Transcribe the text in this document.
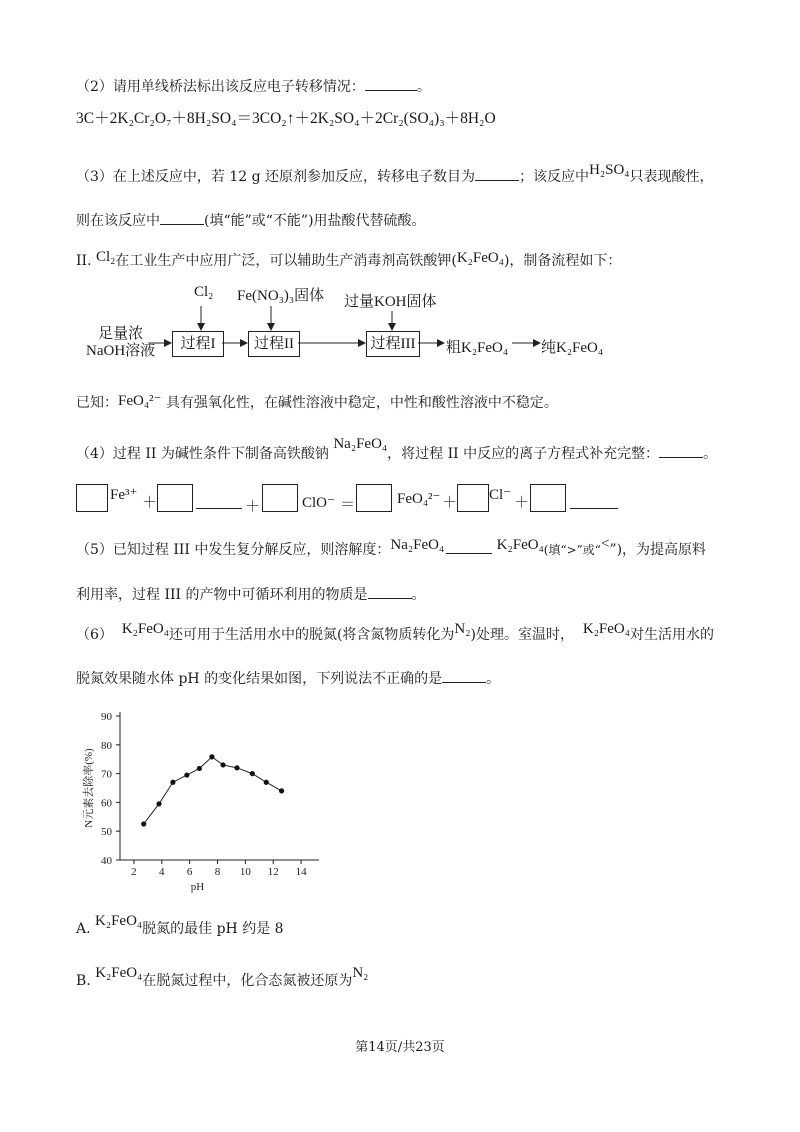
（2）请用单线桥法标出该反应电子转移情况：	。
3C＋2K₂Cr₂O₇＋8H₂SO₄＝3CO₂↑＋2K₂SO₄＋2Cr₂(SO₄)₃＋8H₂O
（3）在上述反应中，若 12 g 还原剂参加反应，转移电子数目为	；该反应中H₂SO₄只表现酸性，
则在该反应中	(填“能”或“不能”)用盐酸代替硫酸。
II. Cl₂在工业生产中应用广泛，可以辅助生产消毒剂高铁酸钾(K₂FeO₄)，制备流程如下：
足量浓
NaOH溶液	过程I	过程II	过程III
Cl₂ Fe(NO₃)₃固体 过量KOH固体
粗K₂FeO₄ 纯K₂FeO₄
已知：FeO₄²⁻ 具有强氧化性，在碱性溶液中稳定，中性和酸性溶液中不稳定。
（4）过程 II 为碱性条件下制备高铁酸钠 Na₂FeO₄，将过程 II 中反应的离子方程式补充完整：	。
Fe³⁺ ＋	＋	ClO⁻ ＝	FeO₄²⁻ ＋ Cl⁻ ＋
（5）已知过程 III 中发生复分解反应，则溶解度：Na₂FeO₄	K₂FeO₄(填“>”或“<”)，为提高原料
利用率，过程 III 的产物中可循环利用的物质是	。
（6） K₂FeO₄还可用于生活用水中的脱氮(将含氮物质转化为N₂)处理。室温时， K₂FeO₄对生活用水的
脱氮效果随水体 pH 的变化结果如图，下列说法不正确的是	。
40
50
60
70
80
90
2 4 6 8 10 12 14
pH
N元素去除率(%)
A. K₂FeO₄脱氮的最佳 pH 约是 8
B. K₂FeO₄在脱氮过程中，化合态氮被还原为N₂
第14页/共23页
